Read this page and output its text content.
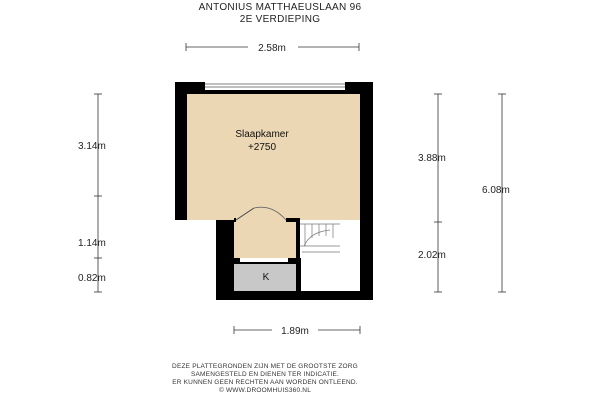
ANTONIUS MATTHAEUSLAAN 96
2E VERDIEPING
Slaapkamer
+2750
K
2.58m
1.89m
3.14m
1.14m
0.82m
3.88m
2.02m
6.08m
DEZE PLATTEGRONDEN ZIJN MET DE GROOTSTE ZORG
SAMENGESTELD EN DIENEN TER INDICATIE.
ER KUNNEN GEEN RECHTEN AAN WORDEN ONTLEEND.
© WWW.DROOMHUIS360.NL
